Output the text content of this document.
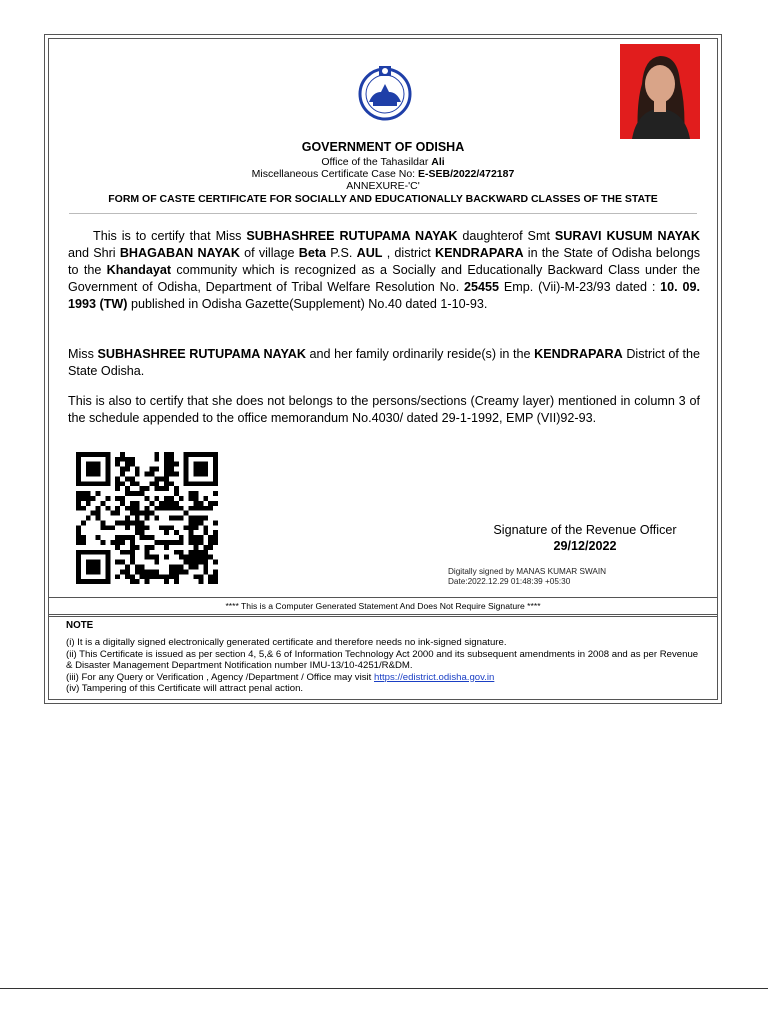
GOVERNMENT OF ODISHA
Office of the Tahasildar Ali
Miscellaneous Certificate Case No: E-SEB/2022/472187
ANNEXURE-'C'
FORM OF CASTE CERTIFICATE FOR SOCIALLY AND EDUCATIONALLY BACKWARD CLASSES OF THE STATE
This is to certify that Miss SUBHASHREE RUTUPAMA NAYAK daughterof Smt SURAVI KUSUM NAYAK and Shri BHAGABAN NAYAK of village Beta P.S. AUL , district KENDRAPARA in the State of Odisha belongs to the Khandayat community which is recognized as a Socially and Educationally Backward Class under the Government of Odisha, Department of Tribal Welfare Resolution No. 25455 Emp. (Vii)-M-23/93 dated : 10. 09. 1993 (TW) published in Odisha Gazette(Supplement) No.40 dated 1-10-93.
Miss SUBHASHREE RUTUPAMA NAYAK and her family ordinarily reside(s) in the KENDRAPARA District of the State Odisha.
This is also to certify that she does not belongs to the persons/sections (Creamy layer) mentioned in column 3 of the schedule appended to the office memorandum No.4030/ dated 29-1-1992, EMP (VII)92-93.
Signature of the Revenue Officer
29/12/2022
Digitally signed by MANAS KUMAR SWAIN
Date:2022.12.29 01:48:39 +05:30
**** This is a Computer Generated Statement And Does Not Require Signature ****
NOTE
(i) It is a digitally signed electronically generated certificate and therefore needs no ink-signed signature.
(ii) This Certificate is issued as per section 4, 5,& 6 of Information Technology Act 2000 and its subsequent amendments in 2008 and as per Revenue & Disaster Management Department Notification number IMU-13/10-4251/R&DM.
(iii) For any Query or Verification , Agency /Department / Office may visit https://edistrict.odisha.gov.in
(iv) Tampering of this Certificate will attract penal action.
